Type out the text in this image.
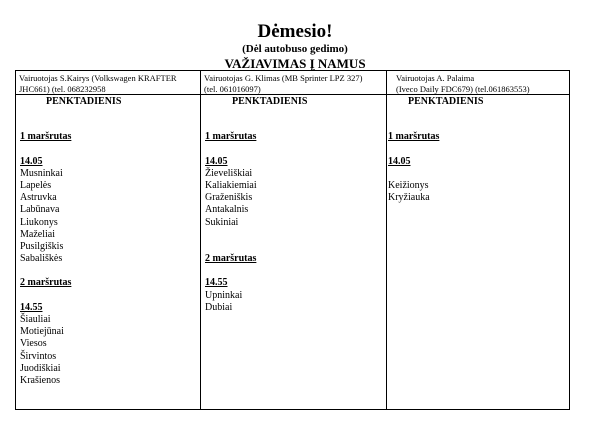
Dėmesio!
(Dėl autobuso gedimo)
VAŽIAVIMAS Į NAMUS
Vairuotojas S.Kairys (Volkswagen KRAFTER
JHC661) (tel. 068232958
PENKTADIENIS
1 maršrutas
14.05
Musninkai
Lapelės
Astruvka
Labūnava
Liukonys
Maželiai
Pusilgiškis
Sabališkės
2 maršrutas
14.55
Šiauliai
Motiejūnai
Viesos
Širvintos
Juodiškiai
Krašienos
Vairuotojas G. Klimas (MB Sprinter LPZ 327)
(tel. 061016097)
PENKTADIENIS
1 maršrutas
14.05
Žieveliškiai
Kaliakiemiai
Graženiškis
Antakalnis
Sukiniai
2 maršrutas
14.55
Upninkai
Dubiai
Vairuotojas A. Palaima
(Iveco Daily FDC679) (tel.061863553)
PENKTADIENIS
1 maršrutas
14.05
Keižionys
Kryžiauka
